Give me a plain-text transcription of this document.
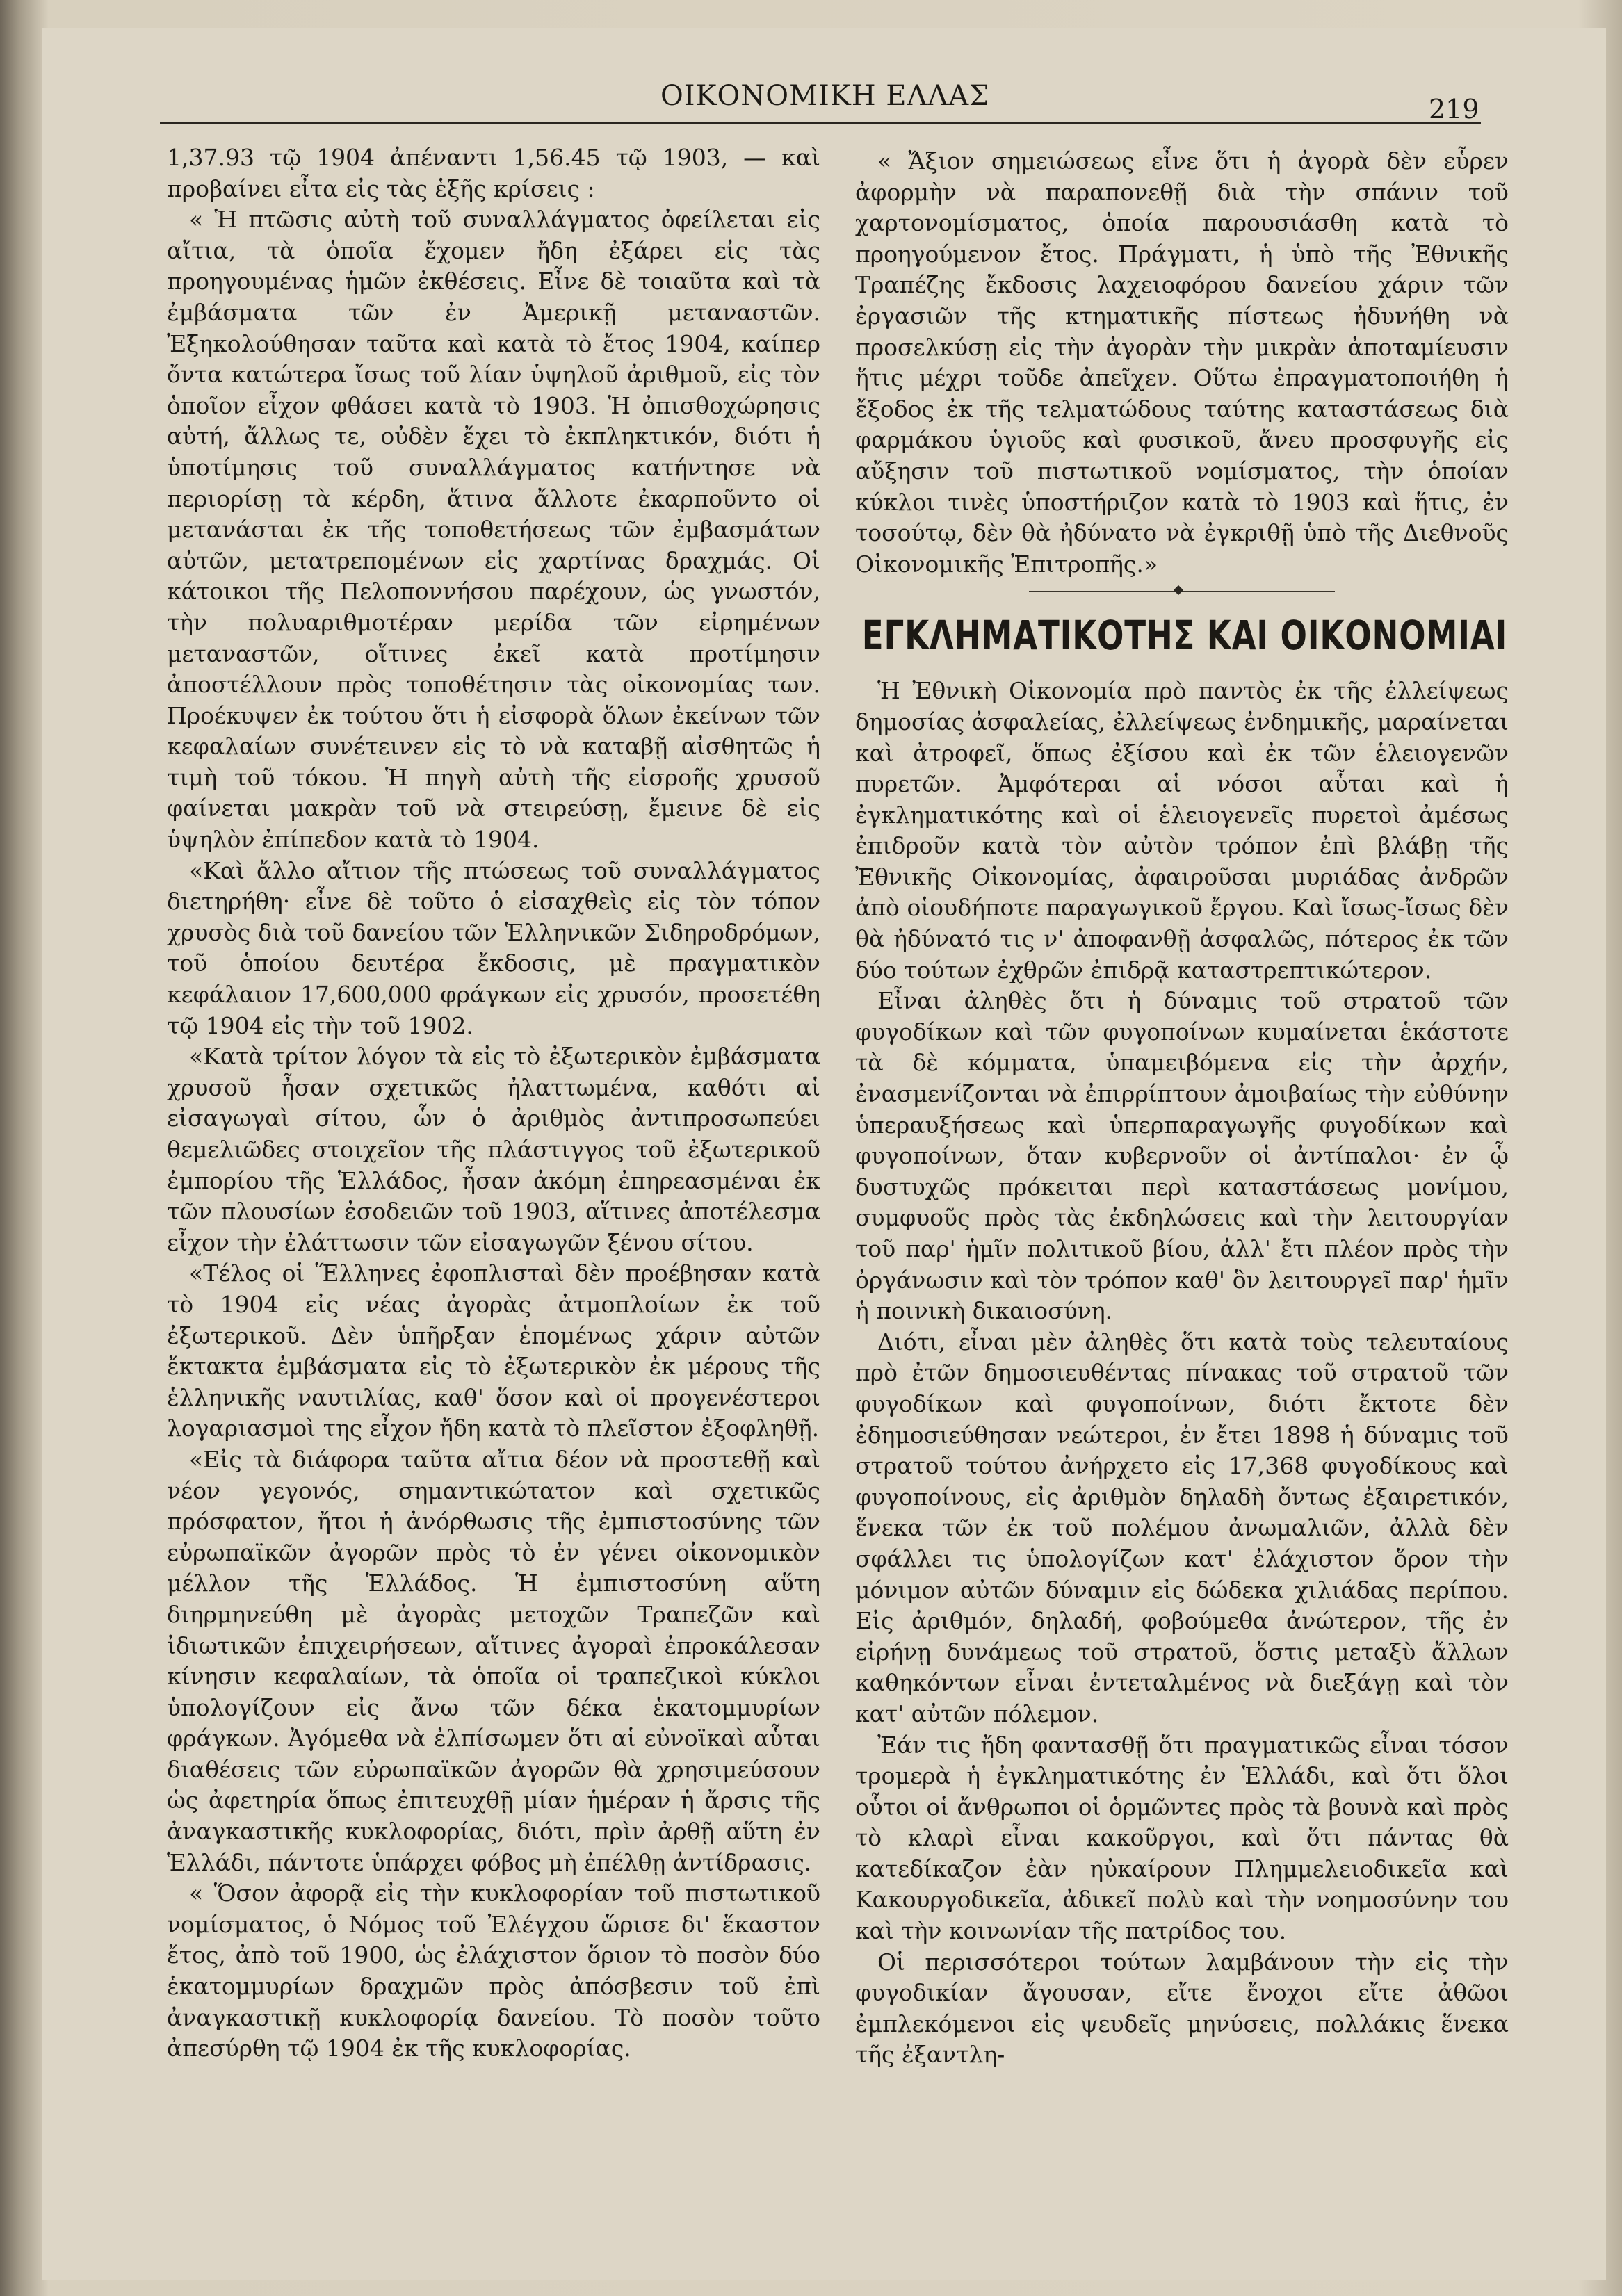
ΟΙΚΟΝΟΜΙΚΗ ΕΛΛΑΣ	219

1,37.93 τῷ 1904 ἀπέναντι 1,56.45 τῷ 1903, — καὶ προβαίνει εἶτα εἰς τὰς ἑξῆς κρίσεις :

« Ἡ πτῶσις αὐτὴ τοῦ συναλλάγματος ὀφείλεται εἰς αἴτια, τὰ ὁποῖα ἔχομεν ἤδη ἐξάρει εἰς τὰς προηγουμένας ἡμῶν ἐκθέσεις. Εἶνε δὲ τοιαῦτα καὶ τὰ ἐμβάσματα τῶν ἐν Ἀμερικῇ μεταναστῶν. Ἐξηκολούθησαν ταῦτα καὶ κατὰ τὸ ἔτος 1904, καίπερ ὄντα κατώτερα ἴσως τοῦ λίαν ὑψηλοῦ ἀριθμοῦ, εἰς τὸν ὁποῖον εἶχον φθάσει κατὰ τὸ 1903. Ἡ ὀπισθοχώρησις αὐτή, ἄλλως τε, οὐδὲν ἔχει τὸ ἐκπληκτικόν, διότι ἡ ὑποτίμησις τοῦ συναλλάγματος κατήντησε νὰ περιορίσῃ τὰ κέρδη, ἅτινα ἄλλοτε ἐκαρποῦντο οἱ μετανάσται ἐκ τῆς τοποθετήσεως τῶν ἐμβασμάτων αὐτῶν, μετατρεπομένων εἰς χαρτίνας δραχμάς. Οἱ κάτοικοι τῆς Πελοποννήσου παρέχουν, ὡς γνωστόν, τὴν πολυαριθμοτέραν μερίδα τῶν εἰρημένων μεταναστῶν, οἵτινες ἐκεῖ κατὰ προτίμησιν ἀποστέλλουν πρὸς τοποθέτησιν τὰς οἰκονομίας των. Προέκυψεν ἐκ τούτου ὅτι ἡ εἰσφορὰ ὅλων ἐκείνων τῶν κεφαλαίων συνέτεινεν εἰς τὸ νὰ καταβῇ αἰσθητῶς ἡ τιμὴ τοῦ τόκου. Ἡ πηγὴ αὐτὴ τῆς εἰσροῆς χρυσοῦ φαίνεται μακρὰν τοῦ νὰ στειρεύσῃ, ἔμεινε δὲ εἰς ὑψηλὸν ἐπίπεδον κατὰ τὸ 1904.

«Καὶ ἄλλο αἴτιον τῆς πτώσεως τοῦ συναλλάγματος διετηρήθη· εἶνε δὲ τοῦτο ὁ εἰσαχθεὶς εἰς τὸν τόπον χρυσὸς διὰ τοῦ δανείου τῶν Ἑλληνικῶν Σιδηροδρόμων, τοῦ ὁποίου δευτέρα ἔκδοσις, μὲ πραγματικὸν κεφάλαιον 17,600,000 φράγκων εἰς χρυσόν, προσετέθη τῷ 1904 εἰς τὴν τοῦ 1902.

«Κατὰ τρίτον λόγον τὰ εἰς τὸ ἐξωτερικὸν ἐμβάσματα χρυσοῦ ἦσαν σχετικῶς ἠλαττωμένα, καθότι αἱ εἰσαγωγαὶ σίτου, ὧν ὁ ἀριθμὸς ἀντιπροσωπεύει θεμελιῶδες στοιχεῖον τῆς πλάστιγγος τοῦ ἐξωτερικοῦ ἐμπορίου τῆς Ἑλλάδος, ἦσαν ἀκόμη ἐπηρεασμέναι ἐκ τῶν πλουσίων ἐσοδειῶν τοῦ 1903, αἵτινες ἀποτέλεσμα εἶχον τὴν ἐλάττωσιν τῶν εἰσαγωγῶν ξένου σίτου.

«Τέλος οἱ Ἕλληνες ἐφοπλισταὶ δὲν προέβησαν κατὰ τὸ 1904 εἰς νέας ἀγορὰς ἀτμοπλοίων ἐκ τοῦ ἐξωτερικοῦ. Δὲν ὑπῆρξαν ἑπομένως χάριν αὐτῶν ἔκτακτα ἐμβάσματα εἰς τὸ ἐξωτερικὸν ἐκ μέρους τῆς ἑλληνικῆς ναυτιλίας, καθ' ὅσον καὶ οἱ προγενέστεροι λογαριασμοὶ της εἶχον ἤδη κατὰ τὸ πλεῖστον ἐξοφληθῇ.

«Εἰς τὰ διάφορα ταῦτα αἴτια δέον νὰ προστεθῇ καὶ νέον γεγονός, σημαντικώτατον καὶ σχετικῶς πρόσφατον, ἤτοι ἡ ἀνόρθωσις τῆς ἐμπιστοσύνης τῶν εὐρωπαϊκῶν ἀγορῶν πρὸς τὸ ἐν γένει οἰκονομικὸν μέλλον τῆς Ἑλλάδος. Ἡ ἐμπιστοσύνη αὕτη διηρμηνεύθη μὲ ἀγορὰς μετοχῶν Τραπεζῶν καὶ ἰδιωτικῶν ἐπιχειρήσεων, αἵτινες ἀγοραὶ ἐπροκάλεσαν κίνησιν κεφαλαίων, τὰ ὁποῖα οἱ τραπεζικοὶ κύκλοι ὑπολογίζουν εἰς ἄνω τῶν δέκα ἑκατομμυρίων φράγκων. Ἀγόμεθα νὰ ἐλπίσωμεν ὅτι αἱ εὐνοϊκαὶ αὗται διαθέσεις τῶν εὐρωπαϊκῶν ἀγορῶν θὰ χρησιμεύσουν ὡς ἀφετηρία ὅπως ἐπιτευχθῇ μίαν ἡμέραν ἡ ἄρσις τῆς ἀναγκαστικῆς κυκλοφορίας, διότι, πρὶν ἀρθῇ αὕτη ἐν Ἑλλάδι, πάντοτε ὑπάρχει φόβος μὴ ἐπέλθῃ ἀντίδρασις.

« Ὅσον ἀφορᾷ εἰς τὴν κυκλοφορίαν τοῦ πιστωτικοῦ νομίσματος, ὁ Νόμος τοῦ Ἐλέγχου ὥρισε δι' ἕκαστον ἔτος, ἀπὸ τοῦ 1900, ὡς ἐλάχιστον ὅριον τὸ ποσὸν δύο ἑκατομμυρίων δραχμῶν πρὸς ἀπόσβεσιν τοῦ ἐπὶ ἀναγκαστικῇ κυκλοφορίᾳ δανείου. Τὸ ποσὸν τοῦτο ἀπεσύρθη τῷ 1904 ἐκ τῆς κυκλοφορίας.

« Ἄξιον σημειώσεως εἶνε ὅτι ἡ ἀγορὰ δὲν εὗρεν ἀφορμὴν νὰ παραπονεθῇ διὰ τὴν σπάνιν τοῦ χαρτονομίσματος, ὁποία παρουσιάσθη κατὰ τὸ προηγούμενον ἔτος. Πράγματι, ἡ ὑπὸ τῆς Ἐθνικῆς Τραπέζης ἔκδοσις λαχειοφόρου δανείου χάριν τῶν ἐργασιῶν τῆς κτηματικῆς πίστεως ἠδυνήθη νὰ προσελκύσῃ εἰς τὴν ἀγορὰν τὴν μικρὰν ἀποταμίευσιν ἥτις μέχρι τοῦδε ἀπεῖχεν. Οὕτω ἐπραγματοποιήθη ἡ ἔξοδος ἐκ τῆς τελματώδους ταύτης καταστάσεως διὰ φαρμάκου ὑγιοῦς καὶ φυσικοῦ, ἄνευ προσφυγῆς εἰς αὔξησιν τοῦ πιστωτικοῦ νομίσματος, τὴν ὁποίαν κύκλοι τινὲς ὑποστήριζον κατὰ τὸ 1903 καὶ ἥτις, ἐν τοσούτῳ, δὲν θὰ ἠδύνατο νὰ ἐγκριθῇ ὑπὸ τῆς Διεθνοῦς Οἰκονομικῆς Ἐπιτροπῆς.»

ΕΓΚΛΗΜΑΤΙΚΟΤΗΣ ΚΑΙ ΟΙΚΟΝΟΜΙΑΙ

Ἡ Ἐθνικὴ Οἰκονομία πρὸ παντὸς ἐκ τῆς ἐλλείψεως δημοσίας ἀσφαλείας, ἐλλείψεως ἐνδημικῆς, μαραίνεται καὶ ἀτροφεῖ, ὅπως ἐξίσου καὶ ἐκ τῶν ἑλειογενῶν πυρετῶν. Ἀμφότεραι αἱ νόσοι αὗται καὶ ἡ ἐγκληματικότης καὶ οἱ ἑλειογενεῖς πυρετοὶ ἀμέσως ἐπιδροῦν κατὰ τὸν αὐτὸν τρόπον ἐπὶ βλάβῃ τῆς Ἐθνικῆς Οἰκονομίας, ἀφαιροῦσαι μυριάδας ἀνδρῶν ἀπὸ οἱουδήποτε παραγωγικοῦ ἔργου. Καὶ ἴσως-ἴσως δὲν θὰ ἠδύνατό τις ν' ἀποφανθῇ ἀσφαλῶς, πότερος ἐκ τῶν δύο τούτων ἐχθρῶν ἐπιδρᾷ καταστρεπτικώτερον.

Εἶναι ἀληθὲς ὅτι ἡ δύναμις τοῦ στρατοῦ τῶν φυγοδίκων καὶ τῶν φυγοποίνων κυμαίνεται ἑκάστοτε τὰ δὲ κόμματα, ὑπαμειβόμενα εἰς τὴν ἀρχήν, ἐνασμενίζονται νὰ ἐπιρρίπτουν ἀμοιβαίως τὴν εὐθύνην ὑπεραυξήσεως καὶ ὑπερπαραγωγῆς φυγοδίκων καὶ φυγοποίνων, ὅταν κυβερνοῦν οἱ ἀντίπαλοι· ἐν ᾧ δυστυχῶς πρόκειται περὶ καταστάσεως μονίμου, συμφυοῦς πρὸς τὰς ἐκδηλώσεις καὶ τὴν λειτουργίαν τοῦ παρ' ἡμῖν πολιτικοῦ βίου, ἀλλ' ἔτι πλέον πρὸς τὴν ὀργάνωσιν καὶ τὸν τρόπον καθ' ὃν λειτουργεῖ παρ' ἡμῖν ἡ ποινικὴ δικαιοσύνη.

Διότι, εἶναι μὲν ἀληθὲς ὅτι κατὰ τοὺς τελευταίους πρὸ ἐτῶν δημοσιευθέντας πίνακας τοῦ στρατοῦ τῶν φυγοδίκων καὶ φυγοποίνων, διότι ἔκτοτε δὲν ἐδημοσιεύθησαν νεώτεροι, ἐν ἔτει 1898 ἡ δύναμις τοῦ στρατοῦ τούτου ἀνήρχετο εἰς 17,368 φυγοδίκους καὶ φυγοποίνους, εἰς ἀριθμὸν δηλαδὴ ὄντως ἐξαιρετικόν, ἕνεκα τῶν ἐκ τοῦ πολέμου ἀνωμαλιῶν, ἀλλὰ δὲν σφάλλει τις ὑπολογίζων κατ' ἐλάχιστον ὅρον τὴν μόνιμον αὐτῶν δύναμιν εἰς δώδεκα χιλιάδας περίπου. Εἰς ἀριθμόν, δηλαδή, φοβούμεθα ἀνώτερον, τῆς ἐν εἰρήνῃ δυνάμεως τοῦ στρατοῦ, ὅστις μεταξὺ ἄλλων καθηκόντων εἶναι ἐντεταλμένος νὰ διεξάγῃ καὶ τὸν κατ' αὐτῶν πόλεμον.

Ἐάν τις ἤδη φαντασθῇ ὅτι πραγματικῶς εἶναι τόσον τρομερὰ ἡ ἐγκληματικότης ἐν Ἑλλάδι, καὶ ὅτι ὅλοι οὗτοι οἱ ἄνθρωποι οἱ ὁρμῶντες πρὸς τὰ βουνὰ καὶ πρὸς τὸ κλαρὶ εἶναι κακοῦργοι, καὶ ὅτι πάντας θὰ κατεδίκαζον ἐὰν ηὐκαίρουν Πλημμελειοδικεῖα καὶ Κακουργοδικεῖα, ἀδικεῖ πολὺ καὶ τὴν νοημοσύνην του καὶ τὴν κοινωνίαν τῆς πατρίδος του.

Οἱ περισσότεροι τούτων λαμβάνουν τὴν εἰς τὴν φυγοδικίαν ἄγουσαν, εἴτε ἔνοχοι εἴτε ἀθῶοι ἐμπλεκόμενοι εἰς ψευδεῖς μηνύσεις, πολλάκις ἕνεκα τῆς ἐξαντλη-
